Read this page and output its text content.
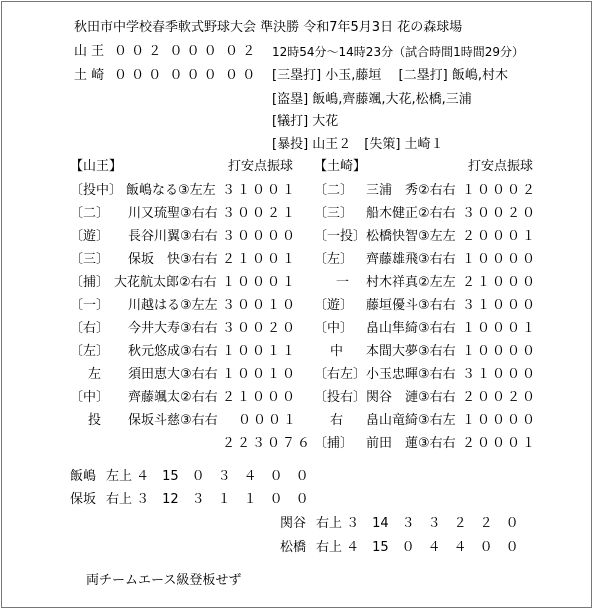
秋田市中学校春季軟式野球大会 準決勝 令和7年5月3日 花の森球場
山 王 ０ ０ ２  ０ ０ ０  ０ ２
土 崎 ０ ０ ０  ０ ０ ０  ０ ０
12時54分～14時23分（試合時間1時間29分）
[三塁打] 小玉,藤垣　 [二塁打] 飯嶋,村木
[盗塁] 飯嶋,齊藤颯,大花,松橋,三浦
[犠打] 大花
[暴投] 山王２　[失策] 土崎１
【山王】	打安点振球 【土崎】	打安点振球
〔投中〕 飯嶋なる③左左 ３１００１
〔二〕 川又琉聖③右右 ３００２１
〔遊〕 長谷川翼③右右 ３００００
〔三〕 保坂　快③右右 ２１００１
〔捕〕 大花航太郎②右右 １０００１
〔一〕 川越はる③左左 ３００１０
〔右〕 今井大寿③右右 ３００２０
〔左〕 秋元悠成③右右 １００１１
左 須田恵大③右右 １００１０
〔中〕 齊藤颯太②右右 ２１０００
投 保坂斗慈③右右 ０００１
２２３０７６
〔二〕 三浦　秀②右右 １０００２
〔三〕 船木健正②右右 ３００２０
〔一投〕 松橋快智③左左 ２０００１
〔左〕 齊藤雄飛③右右 １００００
一 村木祥真②左左 ２１０００
〔遊〕 藤垣優斗③右右 ３１０００
〔中〕 畠山隼綺③右右 １０００１
中 本間大夢③右右 １００００
〔右左〕 小玉忠暉③右右 ３１０００
〔投右〕 関谷　漣③右右 ２００２０
右 畠山竜綺③右左 １００００
〔捕〕 前田　蓮③右右 ２０００１
飯嶋 左上 ４　15　０　３　４　０　０
保坂 右上 ３　12　３　１　１　０　０
関谷 右上 ３　14　３　３　２　２　０
松橋 右上 ４　15　０　４　４　０　０
両チームエース級登板せず
